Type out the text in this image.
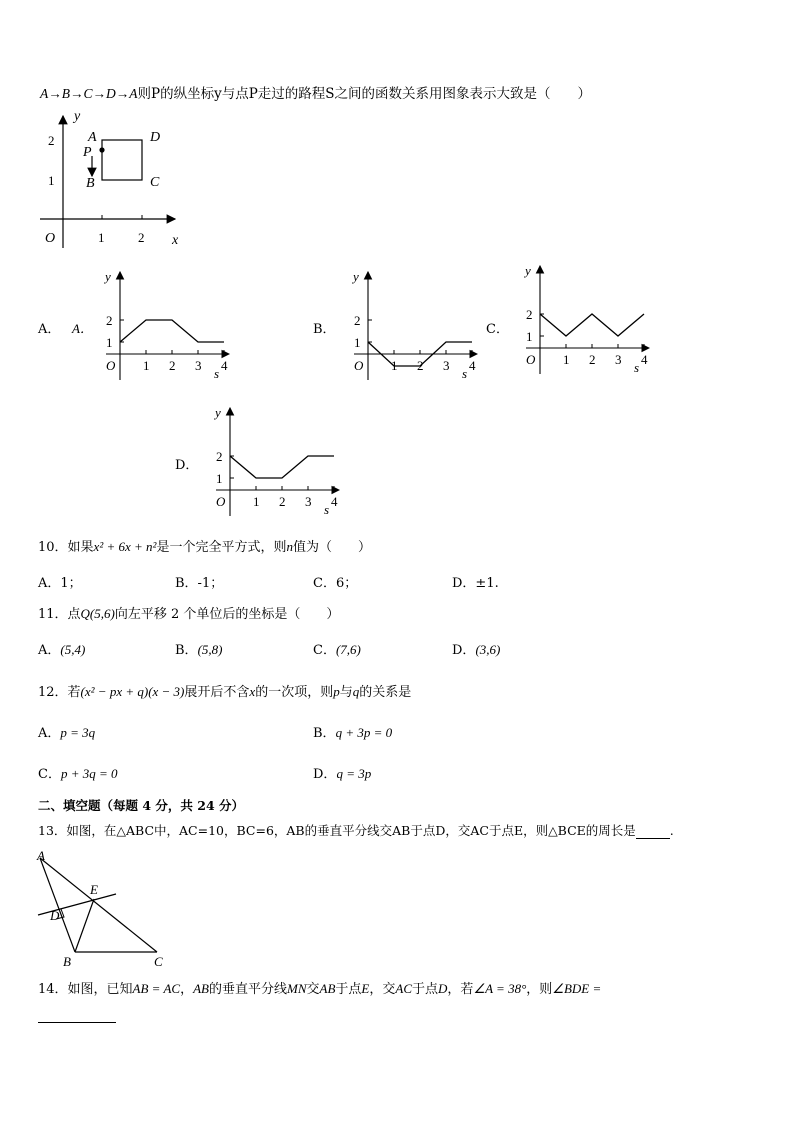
A→B→C→D→A则P的纵坐标y与点P走过的路程S之间的函数关系用图象表示大致是（　　）
y
x
O	1	2
1
2 A	D
P
B	C
A． A．	B．	C．
D．
1 2 3 4
1
2
y
s
O	1 2 3 4
1
2
y
s
O	1 2 3 4
1
2
y
s
O
1 2 3 4
1
2
y
s
O
10．如果x² + 6x + n²是一个完全平方式，则n值为（　　）
A．1；	B．-1；	C．6；	D．±1.
11．点Q(5,6)向左平移 2 个单位后的坐标是（　　）
A．(5,4)	B．(5,8)	C．(7,6)	D．(3,6)
12．若(x² − px + q)(x − 3)展开后不含x的一次项，则p与q的关系是
A．p = 3q	B．q + 3p = 0
C．p + 3q = 0	D．q = 3p
二、填空题（每题 4 分，共 24 分）
13．如图，在△ABC中，AC=10，BC=6，AB的垂直平分线交AB于点D，交AC于点E，则△BCE的周长是	.
A
E
D
B	C
14．如图，已知AB = AC，AB的垂直平分线MN交AB于点E，交AC于点D，若∠A = 38°，则∠BDE =
